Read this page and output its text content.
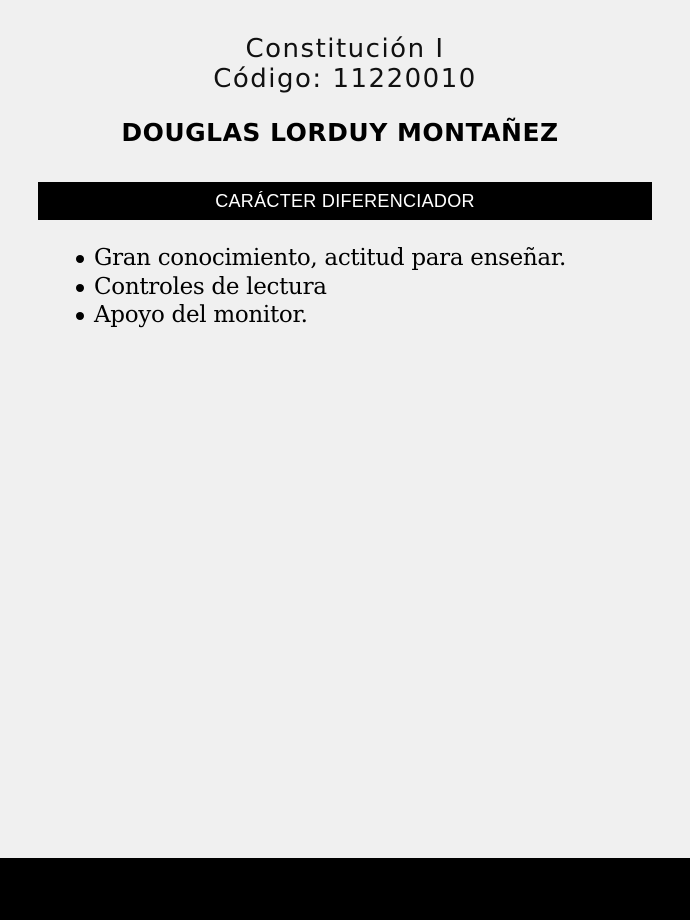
Constitución I
Código: 11220010
DOUGLAS LORDUY MONTAÑEZ
CARÁCTER DIFERENCIADOR
Gran conocimiento, actitud para enseñar.
Controles de lectura
Apoyo del monitor.
